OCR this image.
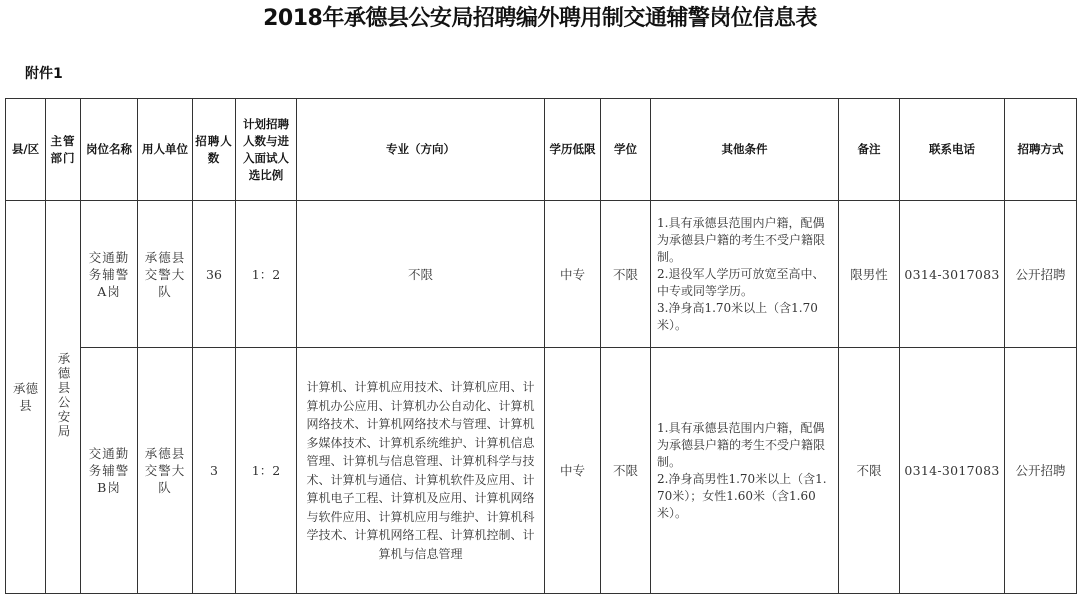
2018年承德县公安局招聘编外聘用制交通辅警岗位信息表
附件1
县/区	主管部门	岗位名称	用人单位	招聘人数	计划招聘人数与进入面试人选比例	专业（方向）	学历低限	学位	其他条件	备注	联系电话	招聘方式
承德县	承德县公安局	交通勤务辅警A岗	承德县交警大队	36	1：2	不限	中专	不限	1.具有承德县范围内户籍，配偶为承德县户籍的考生不受户籍限制。
2.退役军人学历可放宽至高中、中专或同等学历。
3.净身高1.70米以上（含1.70米）。	限男性	0314-3017083	公开招聘
		交通勤务辅警B岗	承德县交警大队	3	1：2	计算机、计算机应用技术、计算机应用、计算机办公应用、计算机办公自动化、计算机网络技术、计算机网络技术与管理、计算机多媒体技术、计算机系统维护、计算机信息管理、计算机与信息管理、计算机科学与技术、计算机与通信、计算机软件及应用、计算机电子工程、计算机及应用、计算机网络与软件应用、计算机应用与维护、计算机科学技术、计算机网络工程、计算机控制、计算机与信息管理	中专	不限	1.具有承德县范围内户籍，配偶为承德县户籍的考生不受户籍限制。
2.净身高男性1.70米以上（含1.70米）；女性1.60米（含1.60米）。	不限	0314-3017083	公开招聘
